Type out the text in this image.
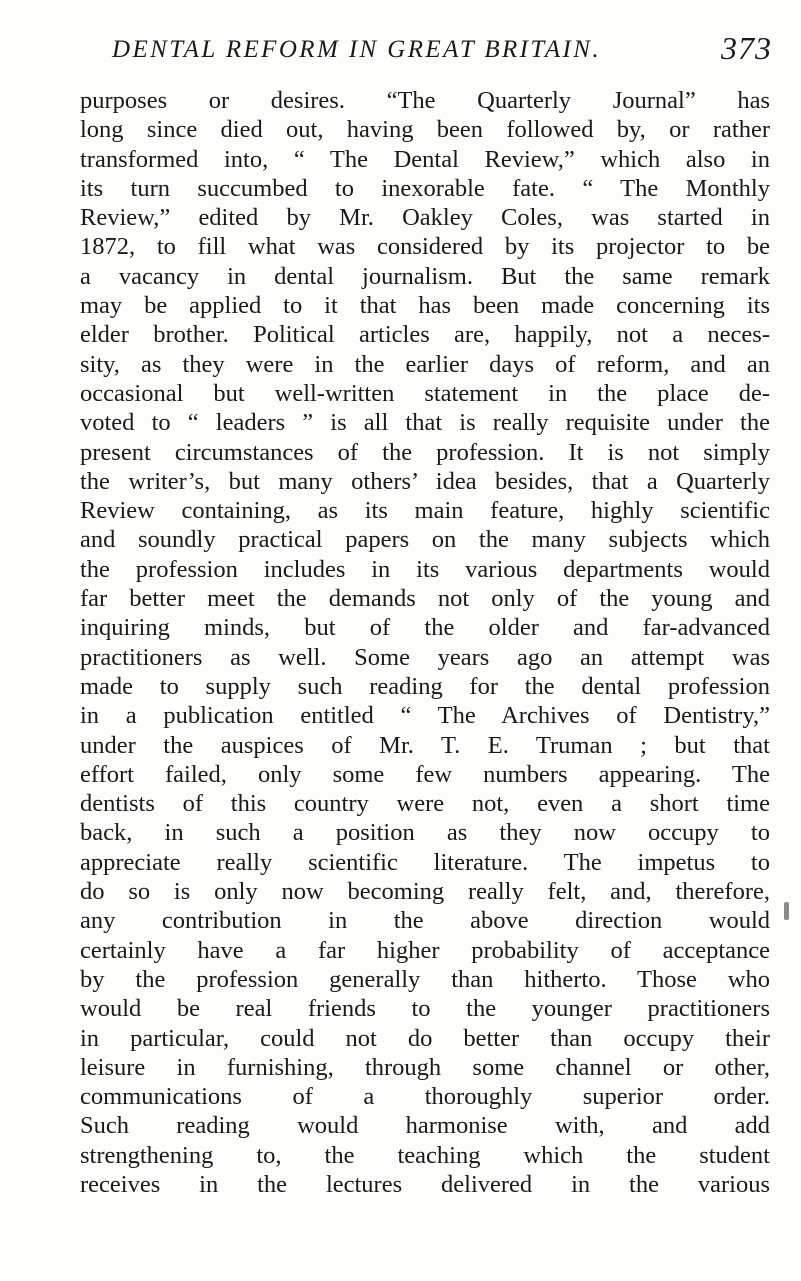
DENTAL REFORM IN GREAT BRITAIN.	373
purposes or desires. “The Quarterly Journal” has
long since died out, having been followed by, or rather
transformed into, “ The Dental Review,” which also in
its turn succumbed to inexorable fate. “ The Monthly
Review,” edited by Mr. Oakley Coles, was started in
1872, to fill what was considered by its projector to be
a vacancy in dental journalism. But the same remark
may be applied to it that has been made concerning its
elder brother. Political articles are, happily, not a neces-
sity, as they were in the earlier days of reform, and an
occasional but well-written statement in the place de-
voted to “ leaders ” is all that is really requisite under the
present circumstances of the profession. It is not simply
the writer’s, but many others’ idea besides, that a Quarterly
Review containing, as its main feature, highly scientific
and soundly practical papers on the many subjects which
the profession includes in its various departments would
far better meet the demands not only of the young and
inquiring minds, but of the older and far-advanced
practitioners as well. Some years ago an attempt was
made to supply such reading for the dental profession
in a publication entitled “ The Archives of Dentistry,”
under the auspices of Mr. T. E. Truman ; but that
effort failed, only some few numbers appearing. The
dentists of this country were not, even a short time
back, in such a position as they now occupy to
appreciate really scientific literature. The impetus to
do so is only now becoming really felt, and, therefore,
any contribution in the above direction would
certainly have a far higher probability of acceptance
by the profession generally than hitherto. Those who
would be real friends to the younger practitioners
in particular, could not do better than occupy their
leisure in furnishing, through some channel or other,
communications of a thoroughly superior order.
Such reading would harmonise with, and add
strengthening to, the teaching which the student
receives in the lectures delivered in the various
